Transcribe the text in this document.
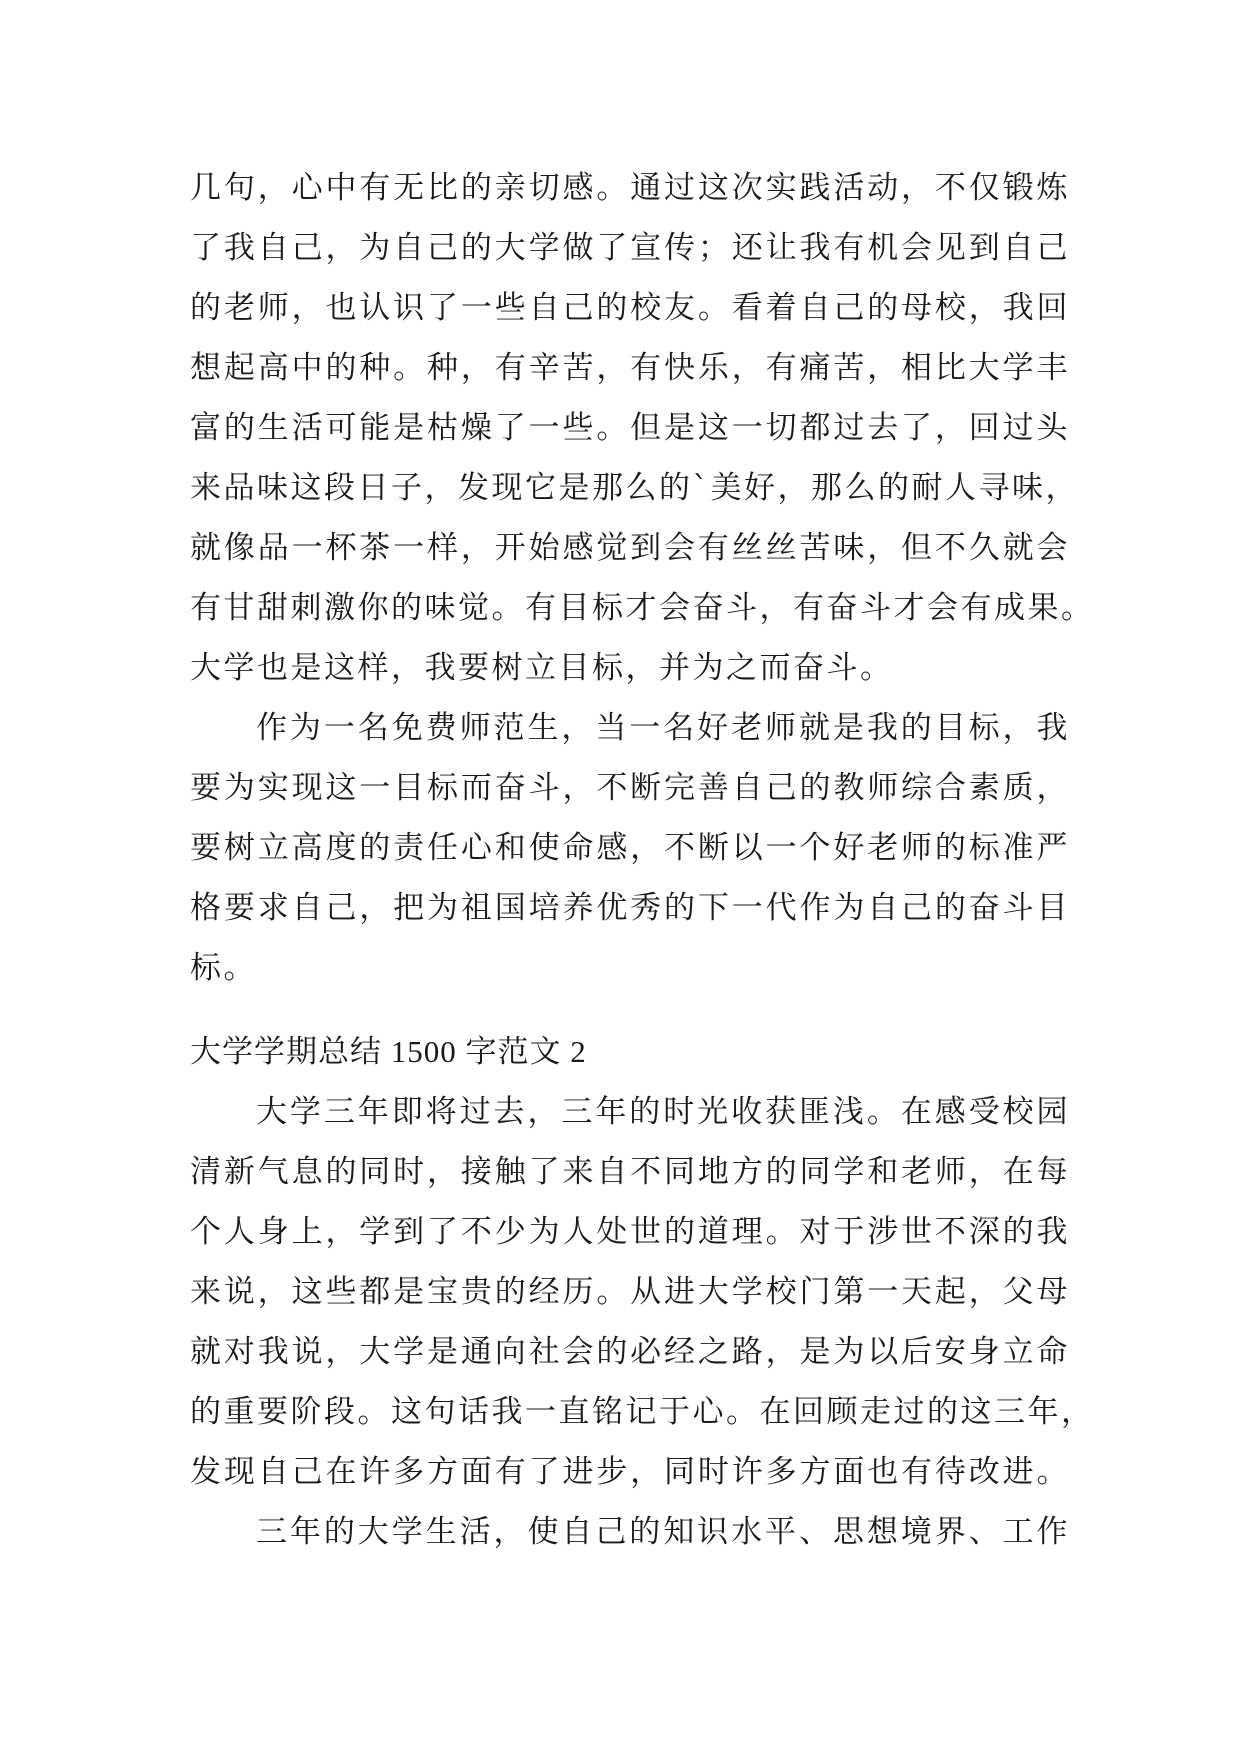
几句，心中有无比的亲切感。通过这次实践活动，不仅锻炼
了我自己，为自己的大学做了宣传；还让我有机会见到自己
的老师，也认识了一些自己的校友。看着自己的母校，我回
想起高中的种。种，有辛苦，有快乐，有痛苦，相比大学丰
富的生活可能是枯燥了一些。但是这一切都过去了，回过头
来品味这段日子，发现它是那么的`美好，那么的耐人寻味，
就像品一杯茶一样，开始感觉到会有丝丝苦味，但不久就会
有甘甜刺激你的味觉。有目标才会奋斗，有奋斗才会有成果。
大学也是这样，我要树立目标，并为之而奋斗。
作为一名免费师范生，当一名好老师就是我的目标，我
要为实现这一目标而奋斗，不断完善自己的教师综合素质，
要树立高度的责任心和使命感，不断以一个好老师的标准严
格要求自己，把为祖国培养优秀的下一代作为自己的奋斗目
标。
大学学期总结 1500 字范文 2
大学三年即将过去，三年的时光收获匪浅。在感受校园
清新气息的同时，接触了来自不同地方的同学和老师，在每
个人身上，学到了不少为人处世的道理。对于涉世不深的我
来说，这些都是宝贵的经历。从进大学校门第一天起，父母
就对我说，大学是通向社会的必经之路，是为以后安身立命
的重要阶段。这句话我一直铭记于心。在回顾走过的这三年，
发现自己在许多方面有了进步，同时许多方面也有待改进。
三年的大学生活，使自己的知识水平、思想境界、工作
